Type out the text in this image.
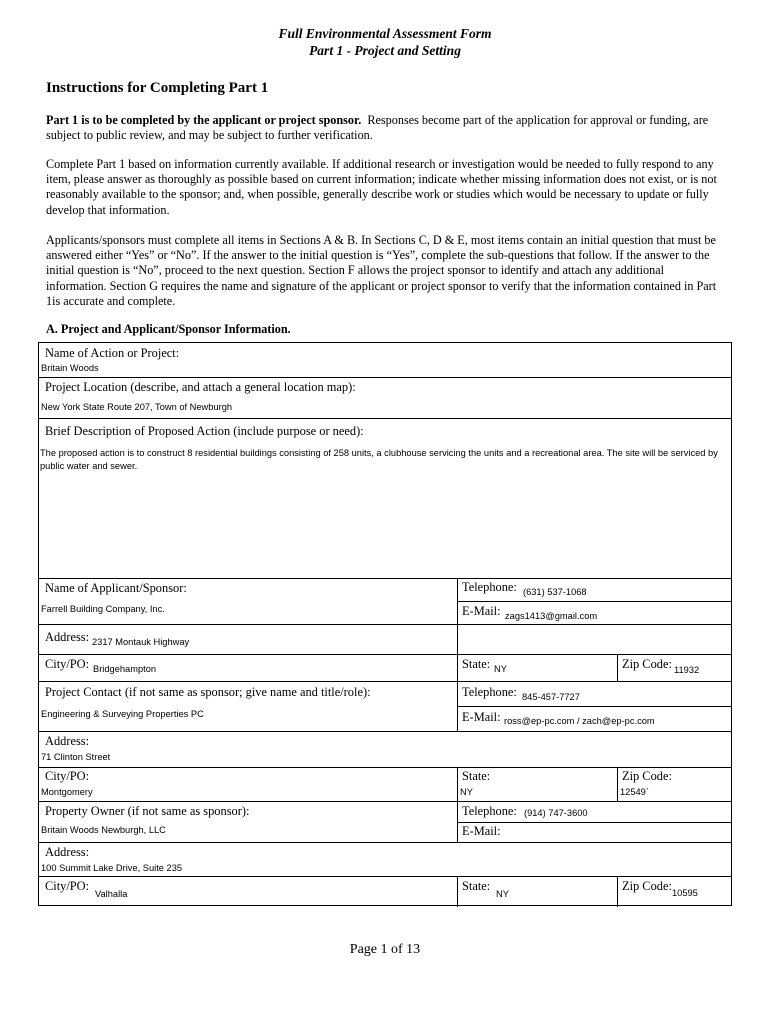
Full Environmental Assessment Form
Part 1 - Project and Setting
Instructions for Completing Part 1
Part 1 is to be completed by the applicant or project sponsor. Responses become part of the application for approval or funding, are subject to public review, and may be subject to further verification.
Complete Part 1 based on information currently available. If additional research or investigation would be needed to fully respond to any item, please answer as thoroughly as possible based on current information; indicate whether missing information does not exist, or is not reasonably available to the sponsor; and, when possible, generally describe work or studies which would be necessary to update or fully develop that information.
Applicants/sponsors must complete all items in Sections A & B. In Sections C, D & E, most items contain an initial question that must be answered either “Yes” or “No”. If the answer to the initial question is “Yes”, complete the sub-questions that follow. If the answer to the initial question is “No”, proceed to the next question. Section F allows the project sponsor to identify and attach any additional information. Section G requires the name and signature of the applicant or project sponsor to verify that the information contained in Part 1is accurate and complete.
A. Project and Applicant/Sponsor Information.
Name of Action or Project:
Britain Woods
Project Location (describe, and attach a general location map):
New York State Route 207, Town of Newburgh
Brief Description of Proposed Action (include purpose or need):
The proposed action is to construct 8 residential buildings consisting of 258 units, a clubhouse servicing the units and a recreational area. The site will be serviced by public water and sewer.
Name of Applicant/Sponsor:
Farrell Building Company, Inc.
Telephone: (631) 537-1068
E-Mail: zags1413@gmail.com
Address: 2317 Montauk Highway
City/PO: Bridgehampton	State: NY	Zip Code: 11932
Project Contact (if not same as sponsor; give name and title/role):
Engineering & Surveying Properties PC
Telephone: 845-457-7727
E-Mail: ross@ep-pc.com / zach@ep-pc.com
Address:
71 Clinton Street
City/PO:
Montgomery
State:
NY
Zip Code:
12549`
Property Owner (if not same as sponsor):
Britain Woods Newburgh, LLC
Telephone: (914) 747-3600
E-Mail:
Address:
100 Summit Lake Drive, Suite 235
City/PO:
Valhalla
State:
NY
Zip Code: 10595
Page 1 of 13
